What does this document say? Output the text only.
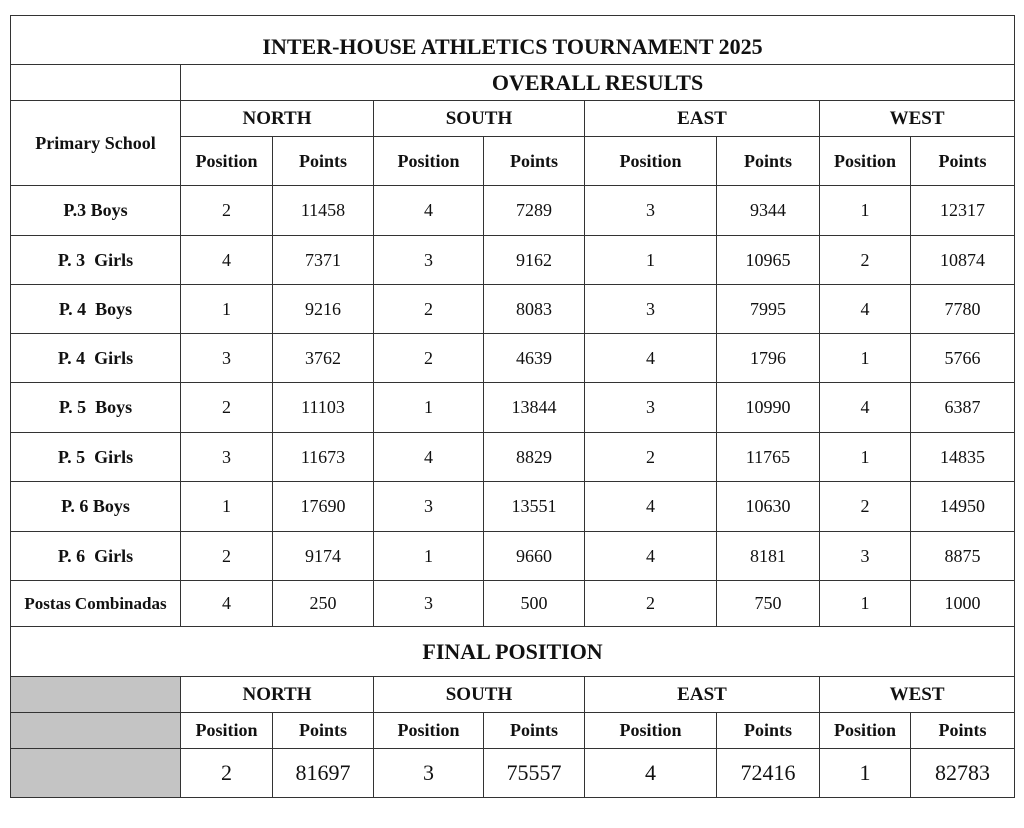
INTER-HOUSE ATHLETICS TOURNAMENT 2025
	OVERALL RESULTS							
Primary School	NORTH		SOUTH		EAST		WEST	
	Position	Points	Position	Points	Position	Points	Position	Points
P.3 Boys	2	11458	4	7289	3	9344	1	12317
P. 3  Girls	4	7371	3	9162	1	10965	2	10874
P. 4  Boys	1	9216	2	8083	3	7995	4	7780
P. 4  Girls	3	3762	2	4639	4	1796	1	5766
P. 5  Boys	2	11103	1	13844	3	10990	4	6387
P. 5  Girls	3	11673	4	8829	2	11765	1	14835
P. 6 Boys	1	17690	3	13551	4	10630	2	14950
P. 6  Girls	2	9174	1	9660	4	8181	3	8875
Postas Combinadas	4	250	3	500	2	750	1	1000
FINAL POSITION								
	NORTH		SOUTH		EAST		WEST	
	Position	Points	Position	Points	Position	Points	Position	Points
	2	81697	3	75557	4	72416	1	82783
